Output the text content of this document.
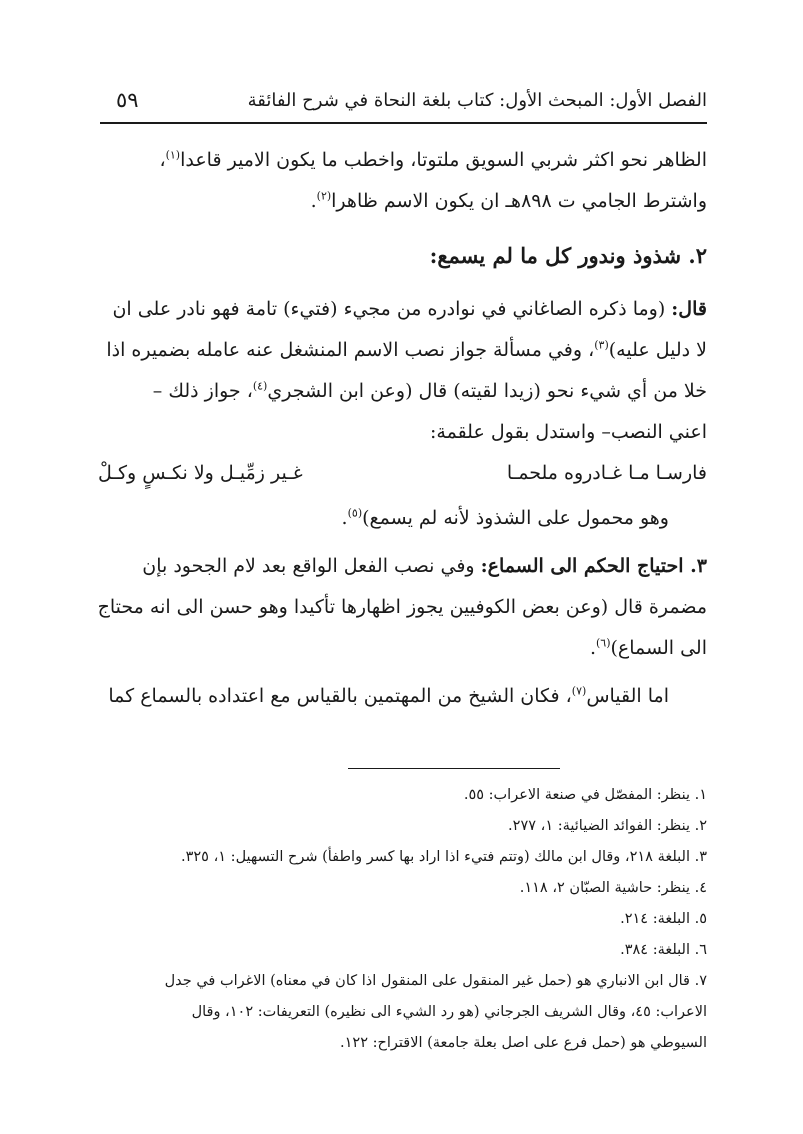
الفصل الأول: المبحث الأول: كتاب بلغة النحاة في شرح الفائقة
٥٩
الظاهر نحو اكثر شربي السويق ملتوتا، واخطب ما يكون الامير قاعدا$^{(١)}$،
واشترط الجامي ت ٨٩٨هـ ان يكون الاسم ظاهرا$^{(٢)}$.
٢. شذوذ وندور كل ما لم يسمع:
قال: (وما ذكره الصاغاني في نوادره من مجيء (فتيء) تامة فهو نادر على ان
لا دليل عليه)$^{(٣)}$، وفي مسألة جواز نصب الاسم المنشغل عنه عامله بضميره اذا
خلا من أي شيء نحو (زيدا لقيته) قال (وعن ابن الشجري$^{(٤)}$، جواز ذلك –
اعني النصب– واستدل بقول علقمة:
فارسـا مـا غـادروه ملحمـا
غـير زمِّيـل ولا نكـسٍ وكـلْ
  وهو محمول على الشذوذ لأنه لم يسمع)$^{(٥)}$.
٣. احتياج الحكم الى السماع: وفي نصب الفعل الواقع بعد لام الجحود بإن
مضمرة قال (وعن بعض الكوفيين يجوز اظهارها تأكيدا وهو حسن الى انه محتاج
الى السماع)$^{(٦)}$.
  اما القياس$^{(٧)}$، فكان الشيخ من المهتمين بالقياس مع اعتداده بالسماع كما
١. ينظر: المفصّل في صنعة الاعراب: ٥٥.
٢. ينظر: الفوائد الضيائية: ١، ٢٧٧.
٣. البلغة ٢١٨، وقال ابن مالك (وتتم فتيء اذا اراد بها كسر واطفأ) شرح التسهيل: ١، ٣٢٥.
٤. ينظر: حاشية الصبّان ٢، ١١٨.
٥. البلغة: ٢١٤.
٦. البلغة: ٣٨٤.
٧. قال ابن الانباري هو (حمل غير المنقول على المنقول اذا كان في معناه) الاغراب في جدل
الاعراب: ٤٥، وقال الشريف الجرجاني (هو رد الشيء الى نظيره) التعريفات: ١٠٢، وقال
السيوطي هو (حمل فرع على اصل بعلة جامعة) الاقتراح: ١٢٢.
